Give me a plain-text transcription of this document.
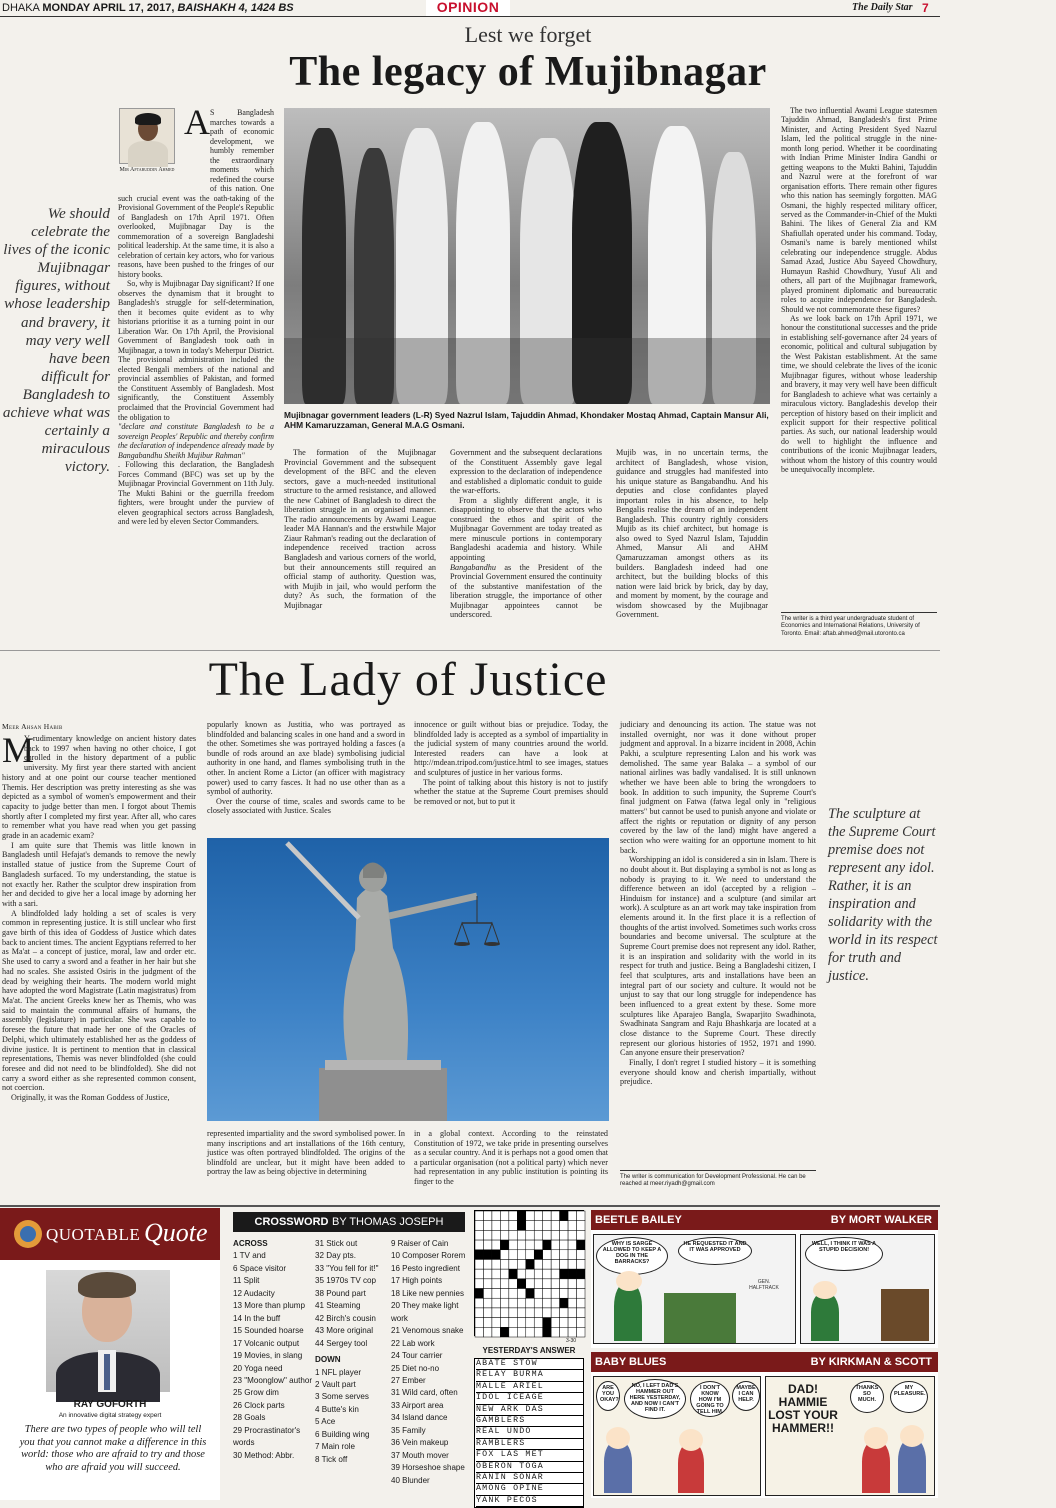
DHAKA MONDAY APRIL 17, 2017, BAISHAKH 4, 1424 BS	OPINION	The Daily Star 7
Lest we forget
The legacy of Mujibnagar
Mir Aftabuddin Ahmed
We should celebrate the lives of the iconic Mujibnagar figures, without whose leadership and bravery, it may very well have been difficult for Bangladesh to achieve what was certainly a miraculous victory.
A S Bangladesh marches towards a path of economic development, we humbly remember the extraordinary moments which redefined the course of this nation. One such crucial event was the oath-taking of the Provisional Government of the People's Republic of Bangladesh on 17th April 1971. Often overlooked, Mujibnagar Day is the commemoration of a sovereign Bangladeshi political leadership. At the same time, it is also a celebration of certain key actors, who for various reasons, have been pushed to the fringes of our history books.

So, why is Mujibnagar Day significant? If one observes the dynamism that it brought to Bangladesh's struggle for self-determination, then it becomes quite evident as to why historians prioritise it as a turning point in our Liberation War. On 17th April, the Provisional Government of Bangladesh took oath in Mujibnagar, a town in today's Meherpur District. The provisional administration included the elected Bengali members of the national and provincial assemblies of Pakistan, and formed the Constituent Assembly of Bangladesh. Most significantly, the Constituent Assembly proclaimed that the Provincial Government had the obligation to

"declare and constitute Bangladesh to be a sovereign Peoples' Republic and thereby confirm the declaration of independence already made by Bangabandhu Sheikh Mujibur Rahman"

. Following this declaration, the Bangladesh Forces Command (BFC) was set up by the Mujibnagar Provincial Government on 11th July. The Mukti Bahini or the guerrilla freedom fighters, were brought under the purview of eleven geographical sectors across Bangladesh, and were led by eleven Sector Commanders.

Mujibnagar government leaders (L-R) Syed Nazrul Islam, Tajuddin Ahmad, Khondaker Mostaq Ahmad, Captain Mansur Ali, AHM Kamaruzzaman, General M.A.G Osmani.

The formation of the Mujibnagar Provincial Government and the subsequent development of the BFC and the eleven sectors, gave a much-needed institutional structure to the armed resistance, and allowed the new Cabinet of Bangladesh to direct the liberation struggle in an organised manner. The radio announcements by Awami League leader MA Hannan's and the erstwhile Major Ziaur Rahman's reading out the declaration of independence received traction across Bangladesh and various corners of the world, but their announcements still required an official stamp of authority. Question was, with Mujib in jail, who would perform the duty? As such, the formation of the Mujibnagar

Government and the subsequent declarations of the Constituent Assembly gave legal expression to the declaration of independence and established a diplomatic conduit to guide the war-efforts.

From a slightly different angle, it is disappointing to observe that the actors who construed the ethos and spirit of the Mujibnagar Government are today treated as mere minuscule portions in contemporary Bangladeshi academia and history. While appointing

Bangabandhu as the President of the Provincial Government ensured the continuity of the substantive manifestation of the liberation struggle, the importance of other Mujibnagar appointees cannot be underscored.

Mujib was, in no uncertain terms, the architect of Bangladesh, whose vision, guidance and struggles had manifested into his unique stature as Bangabandhu. And his deputies and close confidantes played important roles in his absence, to help Bengalis realise the dream of an independent Bangladesh. This country rightly considers Mujib as its chief architect, but homage is also owed to Syed Nazrul Islam, Tajuddin Ahmed, Mansur Ali and AHM Qamaruzzaman amongst others as its builders. Bangladesh indeed had one architect, but the building blocks of this nation were laid brick by brick, day by day, and moment by moment, by the courage and wisdom showcased by the Mujibnagar Government.

The two influential Awami League statesmen Tajuddin Ahmad, Bangladesh's first Prime Minister, and Acting President Syed Nazrul Islam, led the political struggle in the nine-month long period. Whether it be coordinating with Indian Prime Minister Indira Gandhi or getting weapons to the Mukti Bahini, Tajuddin and Nazrul were at the forefront of war organisation efforts. There remain other figures who this nation has seemingly forgotten. MAG Osmani, the highly respected military officer, served as the Commander-in-Chief of the Mukti Bahini. The likes of General Zia and KM Shafiullah operated under his command. Today, Osmani's name is barely mentioned whilst celebrating our independence struggle. Abdus Samad Azad, Justice Abu Sayeed Chowdhury, Humayun Rashid Chowdhury, Yusuf Ali and others, all part of the Mujibnagar framework, played prominent diplomatic and bureaucratic roles to acquire independence for Bangladesh. Should we not commemorate these figures?

As we look back on 17th April 1971, we honour the constitutional successes and the pride in establishing self-governance after 24 years of economic, political and cultural subjugation by the West Pakistan establishment. At the same time, we should celebrate the lives of the iconic Mujibnagar figures, without whose leadership and bravery, it may very well have been difficult for Bangladesh to achieve what was certainly a miraculous victory. Bangladeshis develop their perception of history based on their implicit and explicit support for their respective political parties. As such, our national leadership would do well to highlight the influence and contributions of the iconic Mujibnagar leaders, without whom the history of this country would be unequivocally incomplete.

The writer is a third year undergraduate student of Economics and International Relations, University of Toronto. Email: aftab.ahmed@mail.utoronto.ca
The Lady of Justice
Meer Ahsan Habib
M

Y rudimentary knowledge on ancient history dates back to 1997 when having no other choice, I got enrolled in the history department of a public university. My first year there started with ancient history and at one point our course teacher mentioned Themis. Her description was pretty interesting as she was depicted as a symbol of women's empowerment and their capacity to judge better than men. I forgot about Themis shortly after I completed my first year. After all, who cares to remember what you have read when you get passing grade in an academic exam?

I am quite sure that Themis was little known in Bangladesh until Hefajat's demands to remove the newly installed statue of justice from the Supreme Court of Bangladesh surfaced. To my understanding, the statue is not exactly her. Rather the sculptor drew inspiration from her and decided to give her a local image by adorning her with a sari.

A blindfolded lady holding a set of scales is very common in representing justice. It is still unclear who first gave birth of this idea of Goddess of Justice which dates back to ancient times. The ancient Egyptians referred to her as Ma'at – a concept of justice, moral, law and order etc. She used to carry a sword and a feather in her hair but she had no scales. She assisted Osiris in the judgment of the dead by weighing their hearts. The modern world might have adopted the word Magistrate (Latin magistratus) from Ma'at. The ancient Greeks knew her as Themis, who was said to maintain the communal affairs of humans, the assembly (legislature) in particular. She was capable to foresee the future that made her one of the Oracles of Delphi, which ultimately established her as the goddess of divine justice. It is pertinent to mention that in classical representations, Themis was never blindfolded (she could foresee and did not need to be blindfolded). She did not carry a sword either as she represented common consent, not coercion.

Originally, it was the Roman Goddess of Justice,

popularly known as Justitia, who was portrayed as blindfolded and balancing scales in one hand and a sword in the other. Sometimes she was portrayed holding a fasces (a bundle of rods around an axe blade) symbolising judicial authority in one hand, and flames symbolising truth in the other. In ancient Rome a Lictor (an officer with magistracy power) used to carry fasces. It had no use other than as a symbol of authority.

Over the course of time, scales and swords came to be closely associated with Justice. Scales

innocence or guilt without bias or prejudice. Today, the blindfolded lady is accepted as a symbol of impartiality in the judicial system of many countries around the world. Interested readers can have a look at http://mdean.tripod.com/justice.html to see images, statues and sculptures of justice in her various forms.

The point of talking about this history is not to justify whether the statue at the Supreme Court premises should be removed or not, but to put it

represented impartiality and the sword symbolised power. In many inscriptions and art installations of the 16th century, justice was often portrayed blindfolded. The origins of the blindfold are unclear, but it might have been added to portray the law as being objective in determining

in a global context. According to the reinstated Constitution of 1972, we take pride in presenting ourselves as a secular country. And it is perhaps not a good omen that a particular organisation (not a political party) which never had representation in any public institution is pointing its finger to the

judiciary and denouncing its action. The statue was not installed overnight, nor was it done without proper judgment and approval. In a bizarre incident in 2008, Achin Pakhi, a sculpture representing Lalon and his work was demolished. The same year Balaka – a symbol of our national airlines was badly vandalised. It is still unknown whether we have been able to bring the wrongdoers to book. In addition to such impunity, the Supreme Court's final judgment on Fatwa (fatwa legal only in "religious matters" but cannot be used to punish anyone and violate or affect the rights or reputation or dignity of any person covered by the law of the land) might have angered a section who were waiting for an opportune moment to hit back.

Worshipping an idol is considered a sin in Islam. There is no doubt about it. But displaying a symbol is not as long as nobody is praying to it. We need to understand the difference between an idol (accepted by a religion – Hinduism for instance) and a sculpture (and similar art work). A sculpture as an art work may take inspiration from elements around it. In the first place it is a reflection of thoughts of the artist involved. Sometimes such works cross boundaries and become universal. The sculpture at the Supreme Court premise does not represent any idol. Rather, it is an inspiration and solidarity with the world in its respect for truth and justice. Being a Bangladeshi citizen, I feel that sculptures, arts and installations have been an integral part of our society and culture. It would not be unjust to say that our long struggle for independence has been influenced to a great extent by these. Some more sculptures like Aparajeo Bangla, Swaparjito Swadhinota, Swadhinata Sangram and Raju Bhashkarja are located at a close distance to the Supreme Court. These directly represent our glorious histories of 1952, 1971 and 1990. Can anyone ensure their preservation?

Finally, I don't regret I studied history – it is something everyone should know and cherish impartially, without prejudice.

The writer is communication for Development Professional. He can be reached at meer.riyadh@gmail.com
The sculpture at the Supreme Court premise does not represent any idol. Rather, it is an inspiration and solidarity with the world in its respect for truth and justice.
QUOTABLE Quote
RAY GOFORTH
An innovative digital strategy expert
There are two types of people who will tell you that you cannot make a difference in this world: those who are afraid to try and those who are afraid you will succeed.
CROSSWORD BY THOMAS JOSEPH
ACROSS
1 TV and
6 Space visitor
11 Split
12 Audacity
13 More than plump
14 In the buff
15 Sounded hoarse
17 Volcanic output
19 Movies, in slang
20 Yoga need
23 "Moonglow" author
25 Grow dim
26 Clock parts
28 Goals
29 Procrastinator's words
30 Method: Abbr.
31 Stick out
32 Day pts.
33 "You fell for it!"
35 1970s TV cop
38 Pound part
41 Steaming
42 Birch's cousin
43 More original
44 Sergey tool
DOWN
1 NFL player
2 Vault part
3 Some serves
4 Butte's kin
5 Ace
6 Building wing
7 Main role
8 Tick off
9 Raiser of Cain
10 Composer Rorem
16 Pesto ingredient
17 High points
18 Like new pennies
20 They make light work
21 Venomous snake
22 Lab work
24 Tour carrier
25 Diet no-no
27 Ember
31 Wild card, often
33 Airport area
34 Island dance
35 Family
36 Vein makeup
37 Mouth mover
39 Horseshoe shape
40 Blunder
3-30
YESTERDAY'S ANSWER
ABATE STOW
RELAY BURMA
MALLE ARIEL
IDOL ICEAGE
NEW ARK DAS
GAMBLERS
REAL UNDO
RAMBLERS
FOX LAS MET
OBERON TOGA
RANIN SONAR
AMONG OPINE
YANK PECOS
BEETLE BAILEY	BY MORT WALKER
WHY IS SARGE ALLOWED TO KEEP A DOG IN THE BARRACKS?
HE REQUESTED IT AND IT WAS APPROVED
GEN. HALFTRACK
WELL, I THINK IT WAS A STUPID DECISION!
BABY BLUES	BY KIRKMAN & SCOTT
ARE YOU OKAY?
NO, I LEFT DAD'S HAMMER OUT HERE YESTERDAY, AND NOW I CAN'T FIND IT.
I DON'T KNOW HOW I'M GOING TO TELL HIM.
MAYBE I CAN HELP.
DAD! HAMMIE LOST YOUR HAMMER!!
THANKS SO MUCH.
MY PLEASURE.
